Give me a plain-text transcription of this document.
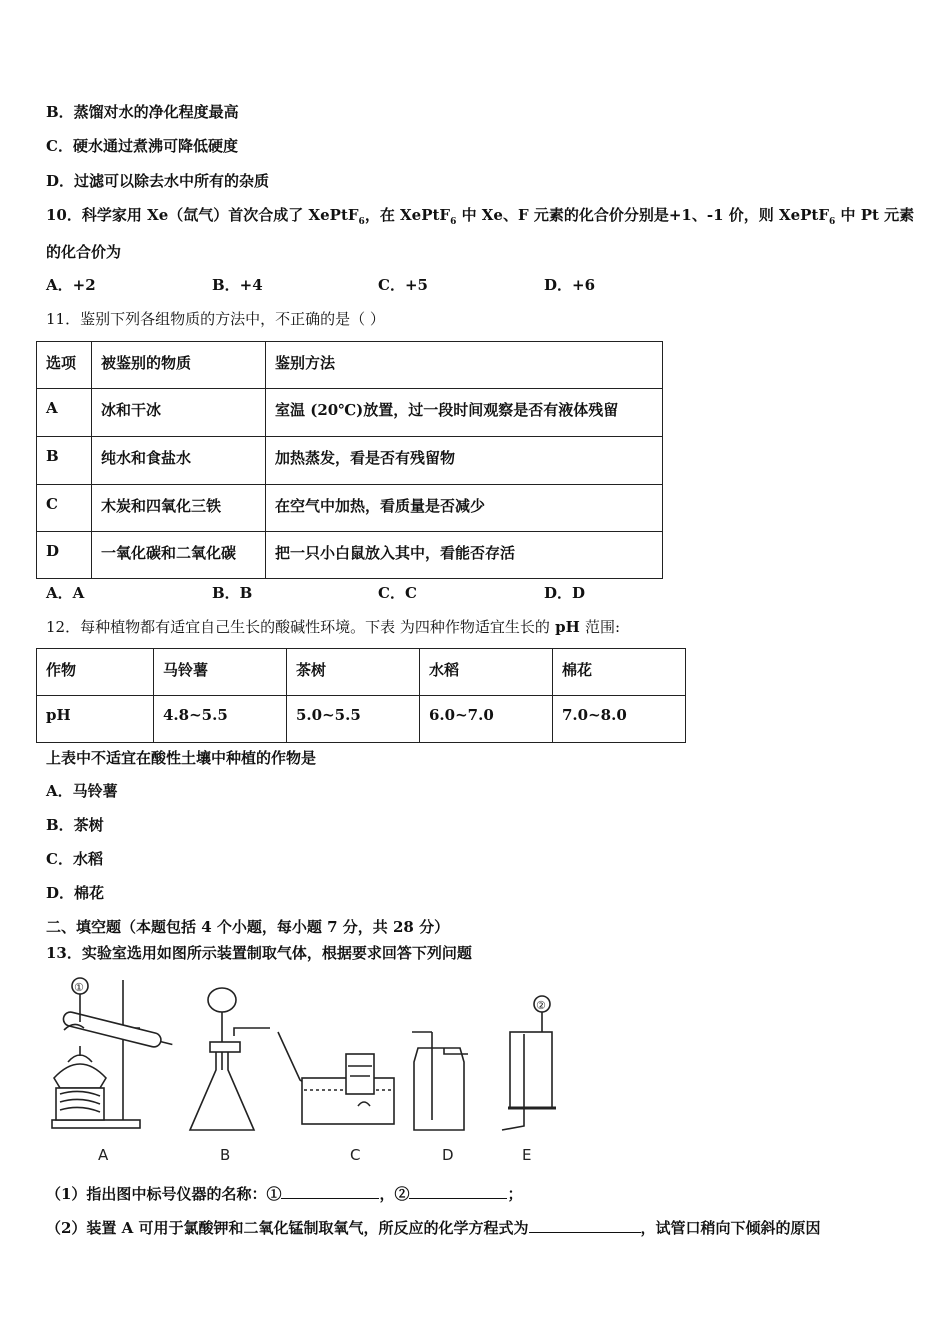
B．蒸馏对水的净化程度最高
C．硬水通过煮沸可降低硬度
D．过滤可以除去水中所有的杂质
10．科学家用 Xe（氙气）首次合成了 XePtF$_6$，在 XePtF$_6$ 中 Xe、F 元素的化合价分别是+1、-1 价，则 XePtF$_6$ 中 Pt 元素
的化合价为
A．+2	B．+4	C．+5	D．+6
11．鉴别下列各组物质的方法中，不正确的是（ ）
选项	被鉴别的物质	鉴别方法
A	冰和干冰	室温 (20℃)放置，过一段时间观察是否有液体残留
B	纯水和食盐水	加热蒸发，看是否有残留物
C	木炭和四氧化三铁	在空气中加热，看质量是否减少
D	一氧化碳和二氧化碳	把一只小白鼠放入其中，看能否存活
A．A	B．B	C．C	D．D
12．每种植物都有适宜自己生长的酸碱性环境。下表 为四种作物适宜生长的 pH 范围:
作物	马铃薯	茶树	水稻	棉花
pH	4.8~5.5	5.0~5.5	6.0~7.0	7.0~8.0
上表中不适宜在酸性土壤中种植的作物是
A．马铃薯
B．茶树
C．水稻
D．棉花
二、填空题（本题包括 4 个小题，每小题 7 分，共 28 分）
13．实验室选用如图所示装置制取气体，根据要求回答下列问题
①
②
A	B	C	D	E
（1）指出图中标号仪器的名称：①	，②	；
（2）装置 A 可用于氯酸钾和二氧化锰制取氧气，所反应的化学方程式为	，试管口稍向下倾斜的原因
